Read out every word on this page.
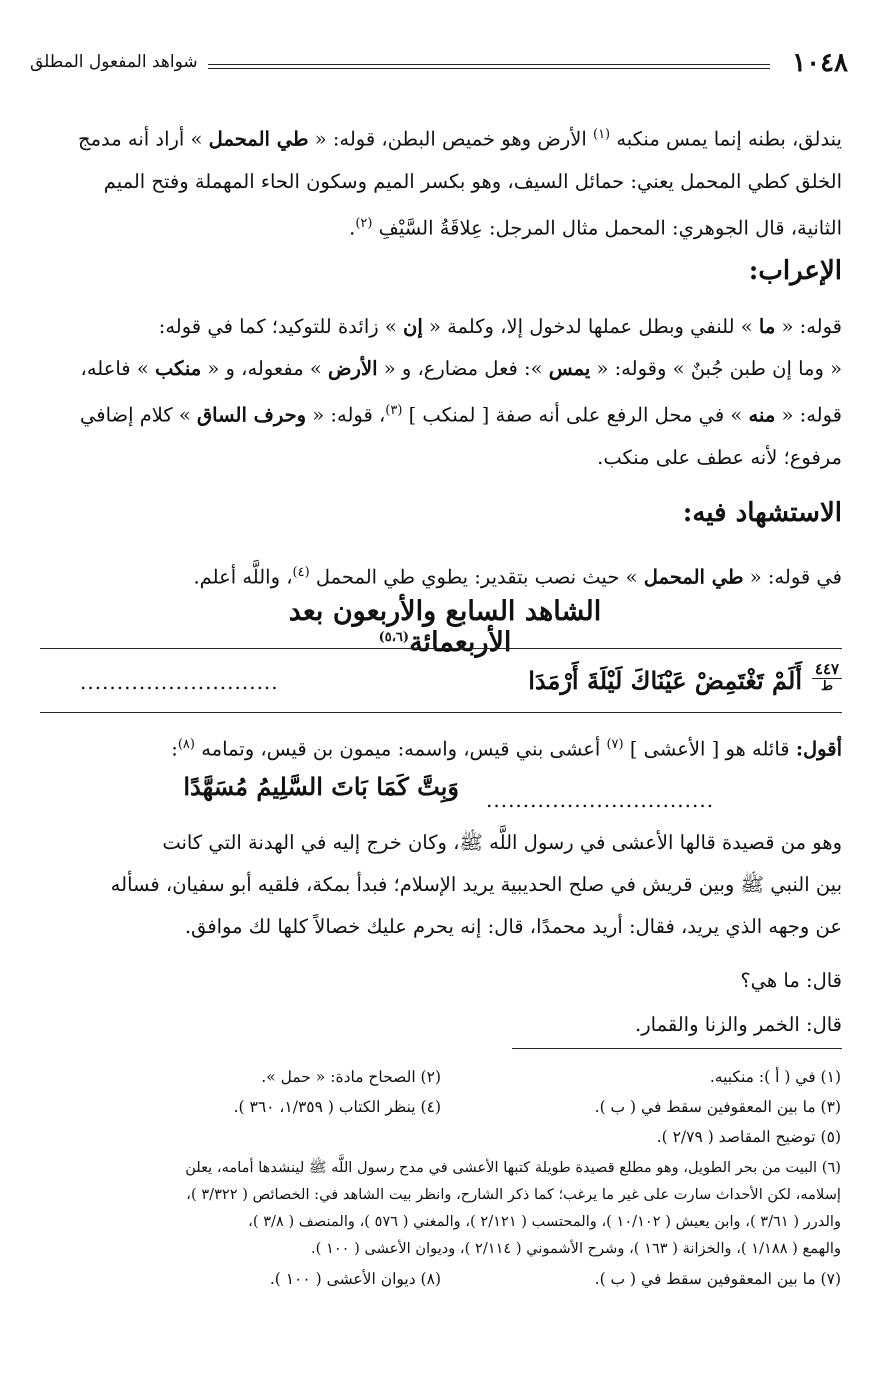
١٠٤٨
شواهد المفعول المطلق
يندلق، بطنه إنما يمس منكبه $^{(١)}$ الأرض وهو خميص البطن، قوله: « طي المحمل » أراد أنه مدمج
الخلق كطي المحمل يعني: حمائل السيف، وهو بكسر الميم وسكون الحاء المهملة وفتح الميم
الثانية، قال الجوهري: المحمل مثال المرجل: عِلاقَةُ السَّيْفِ $^{(٢)}$.
الإعراب:
قوله: « ما » للنفي وبطل عملها لدخول إلا، وكلمة « إن » زائدة للتوكيد؛ كما في قوله:
« وما إن طبن جُبنٌ » وقوله: « يمس »: فعل مضارع، و « الأرض » مفعوله، و « منكب » فاعله،
قوله: « منه » في محل الرفع على أنه صفة [ لمنكب ] $^{(٣)}$، قوله: « وحرف الساق » كلام إضافي
مرفوع؛ لأنه عطف على منكب.
الاستشهاد فيه:
في قوله: « طي المحمل » حيث نصب بتقدير: يطوي طي المحمل $^{(٤)}$، واللَّه أعلم.
الشاهد السابع والأربعون بعد الأربعمائة$^{(٥،٦)}$
٤٤٧
ط
أَلَمْ تَغْتَمِضْ عَيْنَاكَ لَيْلَةَ أَرْمَدَا
...........................
أقول: قائله هو [ الأعشى ] $^{(٧)}$ أعشى بني قيس، واسمه: ميمون بن قيس، وتمامه $^{(٨)}$:
وَبِتَّ كَمَا بَاتَ السَّلِيمُ مُسَهَّدًا ...............................
وهو من قصيدة قالها الأعشى في رسول اللَّه ﷺ، وكان خرج إليه في الهدنة التي كانت
بين النبي ﷺ وبين قريش في صلح الحديبية يريد الإسلام؛ فبدأ بمكة، فلقيه أبو سفيان، فسأله
عن وجهه الذي يريد، فقال: أريد محمدًا، قال: إنه يحرم عليك خصالاً كلها لك موافق.
قال: ما هي؟
قال: الخمر والزنا والقمار.
(١) في ( أ ): منكبيه.
(٢) الصحاح مادة: « حمل ».
(٣) ما بين المعقوفين سقط في ( ب ).
(٤) ينظر الكتاب ( ١/٣٥٩، ٣٦٠ ).
(٥) توضيح المقاصد ( ٢/٧٩ ).
(٦) البيت من بحر الطويل، وهو مطلع قصيدة طويلة كتبها الأعشى في مدح رسول اللَّه ﷺ لينشدها أمامه، يعلن
إسلامه، لكن الأحداث سارت على غير ما يرغب؛ كما ذكر الشارح، وانظر بيت الشاهد في: الخصائص ( ٣/٣٢٢ )،
والدرر ( ٣/٦١ )، وابن يعيش ( ١٠/١٠٢ )، والمحتسب ( ٢/١٢١ )، والمغني ( ٥٧٦ )، والمنصف ( ٣/٨ )،
والهمع ( ١/١٨٨ )، والخزانة ( ١٦٣ )، وشرح الأشموني ( ٢/١١٤ )، وديوان الأعشى ( ١٠٠ ).
(٧) ما بين المعقوفين سقط في ( ب ).
(٨) ديوان الأعشى ( ١٠٠ ).
